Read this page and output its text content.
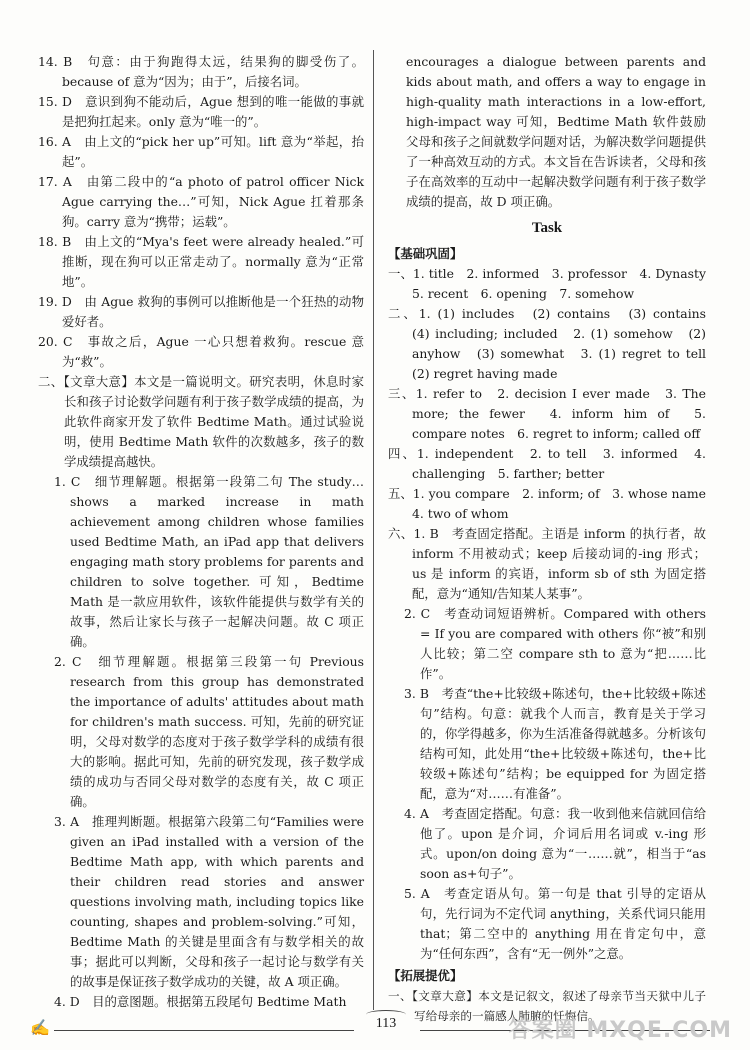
14. B　句意：由于狗跑得太远，结果狗的脚受伤了。because of 意为“因为；由于”，后接名词。
15. D　意识到狗不能动后，Ague 想到的唯一能做的事就是把狗扛起来。only 意为“唯一的”。
16. A　由上文的“pick her up”可知。lift 意为“举起，抬起”。
17. A　由第二段中的“a photo of patrol officer Nick Ague carrying the…”可知，Nick Ague 扛着那条狗。carry 意为“携带；运载”。
18. B　由上文的“Mya's feet were already healed.”可推断，现在狗可以正常走动了。normally 意为“正常地”。
19. D　由 Ague 救狗的事例可以推断他是一个狂热的动物爱好者。
20. C　事故之后，Ague 一心只想着救狗。rescue 意为“救”。
二、【文章大意】本文是一篇说明文。研究表明，休息时家长和孩子讨论数学问题有利于孩子数学成绩的提高，为此软件商家开发了软件 Bedtime Math。通过试验说明，使用 Bedtime Math 软件的次数越多，孩子的数学成绩提高越快。
1. C　细节理解题。根据第一段第二句 The study…shows a marked increase in math achievement among children whose families used Bedtime Math, an iPad app that delivers engaging math story problems for parents and children to solve together. 可知，Bedtime Math 是一款应用软件，该软件能提供与数学有关的故事，然后让家长与孩子一起解决问题。故 C 项正确。
2. C　细节理解题。根据第三段第一句 Previous research from this group has demonstrated the importance of adults' attitudes about math for children's math success. 可知，先前的研究证明，父母对数学的态度对于孩子数学学科的成绩有很大的影响。据此可知，先前的研究发现，孩子数学成绩的成功与否同父母对数学的态度有关，故 C 项正确。
3. A　推理判断题。根据第六段第二句“Families were given an iPad installed with a version of the Bedtime Math app, with which parents and their children read stories and answer questions involving math, including topics like counting, shapes and problem-solving.”可知，Bedtime Math 的关键是里面含有与数学相关的故事；据此可以判断，父母和孩子一起讨论与数学有关的故事是保证孩子数学成功的关键，故 A 项正确。
4. D　目的意图题。根据第五段尾句 Bedtime Math
encourages a dialogue between parents and kids about math, and offers a way to engage in high-quality math interactions in a low-effort, high-impact way 可知，Bedtime Math 软件鼓励父母和孩子之间就数学问题对话，为解决数学问题提供了一种高效互动的方式。本文旨在告诉读者，父母和孩子在高效率的互动中一起解决数学问题有利于孩子数学成绩的提高，故 D 项正确。
Task
【基础巩固】
一、1. title　2. informed　3. professor　4. Dynasty　5. recent　6. opening　7. somehow
二、1. (1) includes　(2) contains　(3) contains　(4) including; included　2. (1) somehow　(2) anyhow　(3) somewhat　3. (1) regret to tell　(2) regret having made
三、1. refer to　2. decision I ever made　3. The more; the fewer　4. inform him of　5. compare notes　6. regret to inform; called off
四、1. independent　2. to tell　3. informed　4. challenging　5. farther; better
五、1. you compare　2. inform; of　3. whose name　4. two of whom
六、1. B　考查固定搭配。主语是 inform 的执行者，故 inform 不用被动式；keep 后接动词的-ing 形式；us 是 inform 的宾语，inform sb of sth 为固定搭配，意为“通知/告知某人某事”。
2. C　考查动词短语辨析。Compared with others = If you are compared with others 你“被”和别人比较；第二空 compare sth to 意为“把……比作”。
3. B　考查“the+比较级+陈述句，the+比较级+陈述句”结构。句意：就我个人而言，教育是关于学习的，你学得越多，你为生活准备得就越多。分析该句结构可知，此处用“the+比较级+陈述句，the+比较级+陈述句”结构；be equipped for 为固定搭配，意为“对……有准备”。
4. A　考查固定搭配。句意：我一收到他来信就回信给他了。upon 是介词，介词后用名词或 v.-ing 形式。upon/on doing 意为“一……就”，相当于“as soon as+句子”。
5. A　考查定语从句。第一句是 that 引导的定语从句，先行词为不定代词 anything，关系代词只能用 that；第二空中的 anything 用在肯定句中，意为“任何东西”，含有“无一例外”之意。
【拓展提优】
一、【文章大意】本文是记叙文，叙述了母亲节当天狱中儿子写给母亲的一篇感人肺腑的忏悔信。
✍	113	答案圈 MXQE.COM
